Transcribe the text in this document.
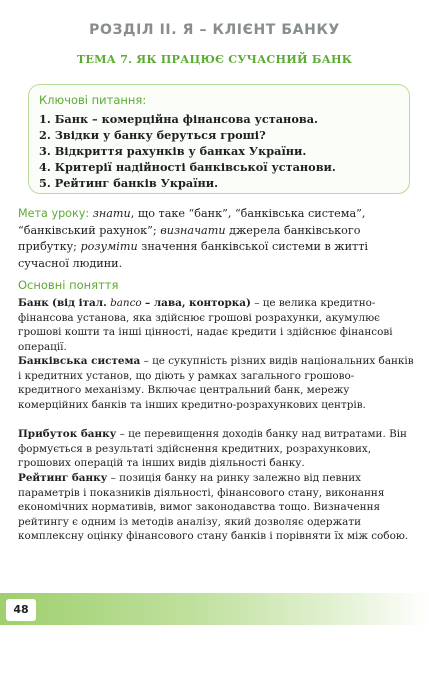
РОЗДІЛ ІІ. Я – КЛІЄНТ БАНКУ
ТЕМА 7. ЯК ПРАЦЮЄ СУЧАСНИЙ БАНК
Ключові питання:
1. Банк – комерційна фінансова установа.
2. Звідки у банку беруться гроші?
3. Відкриття рахунків у банках України.
4. Критерії надійності банківської установи.
5. Рейтинг банків України.
Мета уроку: знати, що таке “банк”, “банківська система”, “банківський рахунок”; визначати джерела банківського прибутку; розуміти значення банківської системи в житті сучасної людини.
Основні поняття
Банк (від італ. banco – лава, конторка) – це велика кредитно-фінансова установа, яка здійснює грошові розрахунки, акумулює грошові кошти та інші цінності, надає кредити і здійснює фінансові операції.
Банківська система – це сукупність різних видів національних банків і кредитних установ, що діють у рамках загального грошово-кредитного механізму. Включає центральний банк, мережу комерційних банків та інших кредитно-розрахункових центрів.
Прибуток банку – це перевищення доходів банку над витратами. Він формується в результаті здійснення кредитних, розрахункових, грошових операцій та інших видів діяльності банку.
Рейтинг банку – позиція банку на ринку залежно від певних параметрів і показників діяльності, фінансового стану, виконання економічних нормативів, вимог законодавства тощо. Визначення рейтингу є одним із методів аналізу, який дозволяє одержати комплексну оцінку фінансового стану банків і порівняти їх між собою.
48
